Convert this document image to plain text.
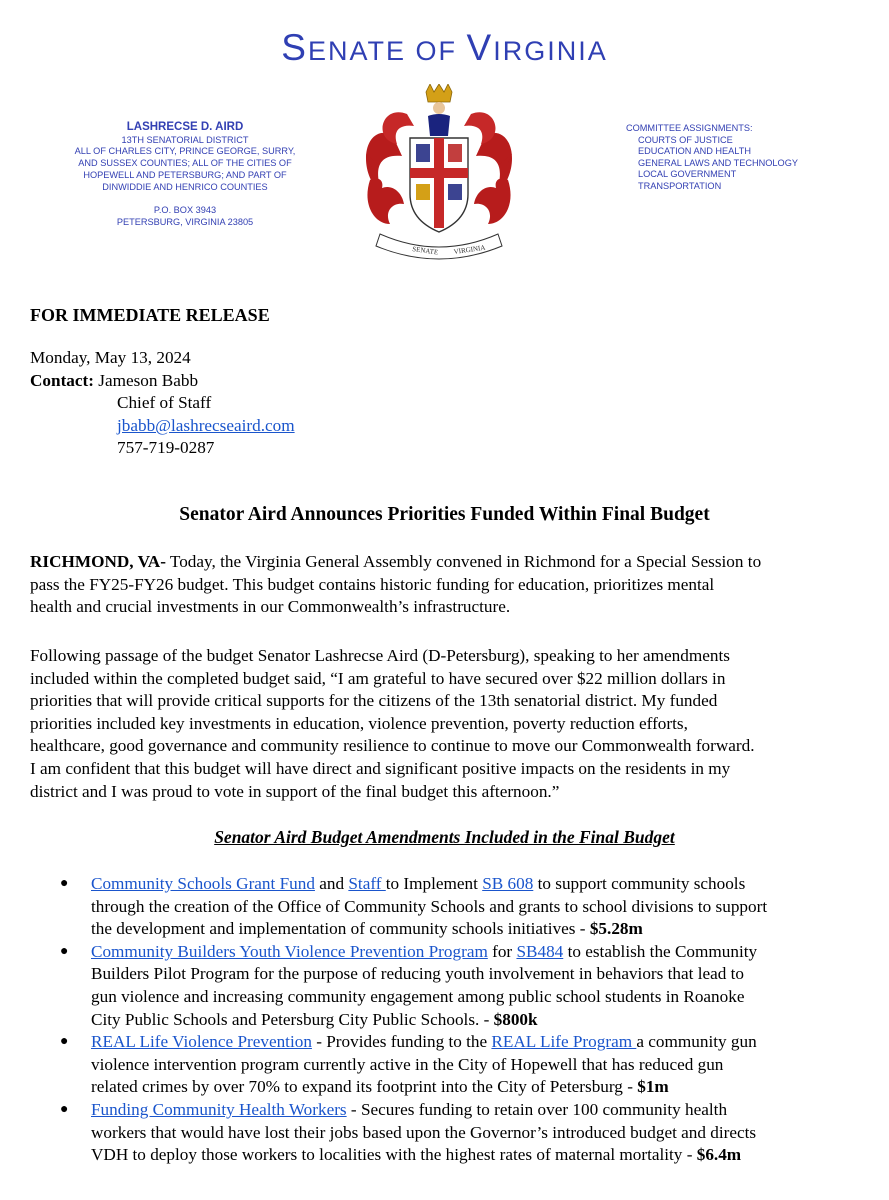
SENATE OF VIRGINIA
LASHRECSE D. AIRD
13TH SENATORIAL DISTRICT
ALL OF CHARLES CITY, PRINCE GEORGE, SURRY,
AND SUSSEX COUNTIES; ALL OF THE CITIES OF
HOPEWELL AND PETERSBURG; AND PART OF
DINWIDDIE AND HENRICO COUNTIES
P.O. BOX 3943
PETERSBURG, VIRGINIA 23805
SENATE VIRGINIA
COMMITTEE ASSIGNMENTS:
COURTS OF JUSTICE
EDUCATION AND HEALTH
GENERAL LAWS AND TECHNOLOGY
LOCAL GOVERNMENT
TRANSPORTATION
FOR IMMEDIATE RELEASE
Monday, May 13, 2024
Contact: Jameson Babb
Chief of Staff
jbabb@lashrecseaird.com
757-719-0287
Senator Aird Announces Priorities Funded Within Final Budget
RICHMOND, VA- Today, the Virginia General Assembly convened in Richmond for a Special Session to
pass the FY25-FY26 budget. This budget contains historic funding for education, prioritizes mental
health and crucial investments in our Commonwealth’s infrastructure.
Following passage of the budget Senator Lashrecse Aird (D-Petersburg), speaking to her amendments
included within the completed budget said, “I am grateful to have secured over $22 million dollars in
priorities that will provide critical supports for the citizens of the 13th senatorial district. My funded
priorities included key investments in education, violence prevention, poverty reduction efforts,
healthcare, good governance and community resilience to continue to move our Commonwealth forward.
I am confident that this budget will have direct and significant positive impacts on the residents in my
district and I was proud to vote in support of the final budget this afternoon.”
Senator Aird Budget Amendments Included in the Final Budget
● Community Schools Grant Fund and Staff to Implement SB 608 to support community schools
through the creation of the Office of Community Schools and grants to school divisions to support
the development and implementation of community schools initiatives - $5.28m
● Community Builders Youth Violence Prevention Program for SB484 to establish the Community
Builders Pilot Program for the purpose of reducing youth involvement in behaviors that lead to
gun violence and increasing community engagement among public school students in Roanoke
City Public Schools and Petersburg City Public Schools. - $800k
● REAL Life Violence Prevention - Provides funding to the REAL Life Program a community gun
violence intervention program currently active in the City of Hopewell that has reduced gun
related crimes by over 70% to expand its footprint into the City of Petersburg - $1m
● Funding Community Health Workers - Secures funding to retain over 100 community health
workers that would have lost their jobs based upon the Governor’s introduced budget and directs
VDH to deploy those workers to localities with the highest rates of maternal mortality - $6.4m
